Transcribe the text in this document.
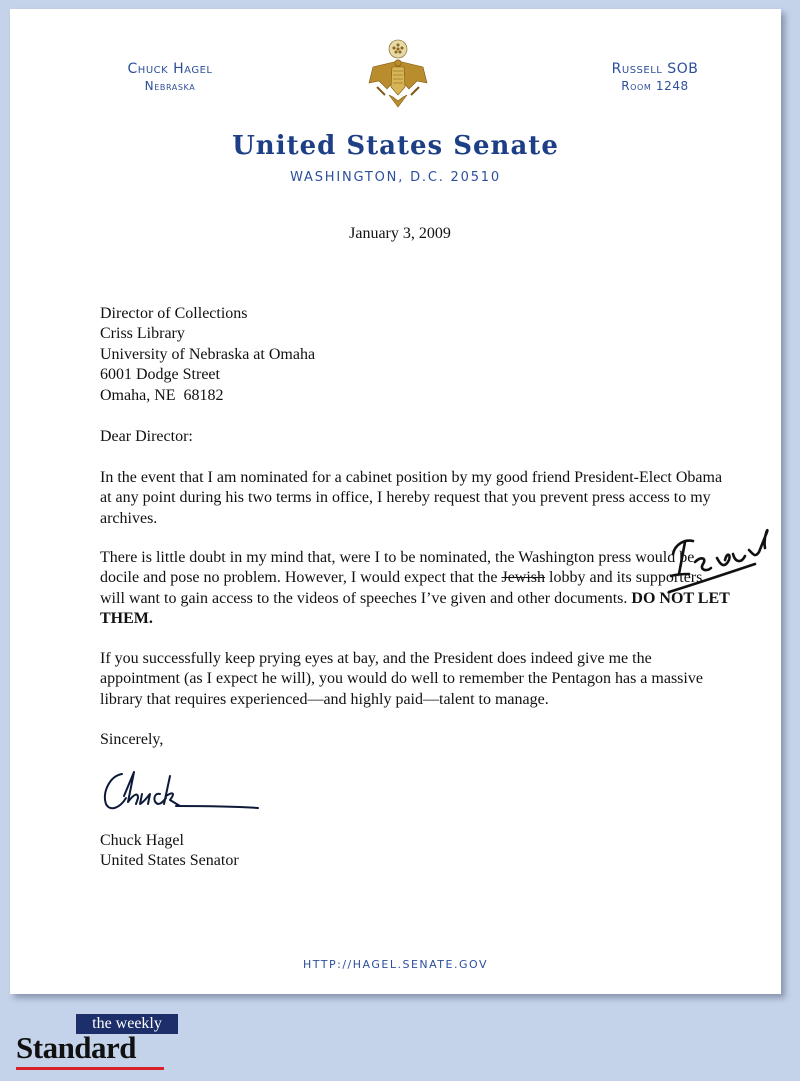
Chuck Hagel
Nebraska
Russell SOB
Room 1248
United States Senate
WASHINGTON, D.C. 20510
January 3, 2009
Director of Collections
Criss Library
University of Nebraska at Omaha
6001 Dodge Street
Omaha, NE  68182
Dear Director:
In the event that I am nominated for a cabinet position by my good friend President-Elect Obama at any point during his two terms in office, I hereby request that you prevent press access to my archives.
There is little doubt in my mind that, were I to be nominated, the Washington press would be docile and pose no problem. However, I would expect that the Jewish lobby and its supporters will want to gain access to the videos of speeches I’ve given and other documents. DO NOT LET THEM.
If you successfully keep prying eyes at bay, and the President does indeed give me the appointment (as I expect he will), you would do well to remember the Pentagon has a massive library that requires experienced—and highly paid—talent to manage.
Sincerely,
Chuck Hagel
United States Senator
HTTP://HAGEL.SENATE.GOV
the weekly
Standard
